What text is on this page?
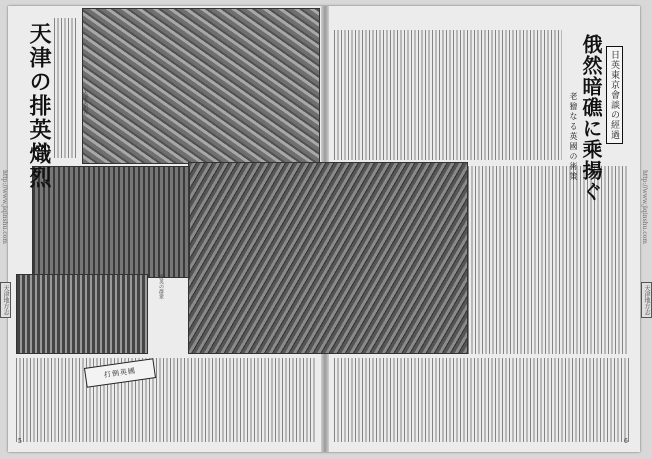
打倒英國
天津の排英熾烈	天津英租界
排英の群衆
日英東京會談の經過
俄然暗礁に乘揚ぐ
老獪なる英國の術策
5	6
http://www.jiqinshu.com	http://www.jiqinshu.com
天津地方志	天津地方志
